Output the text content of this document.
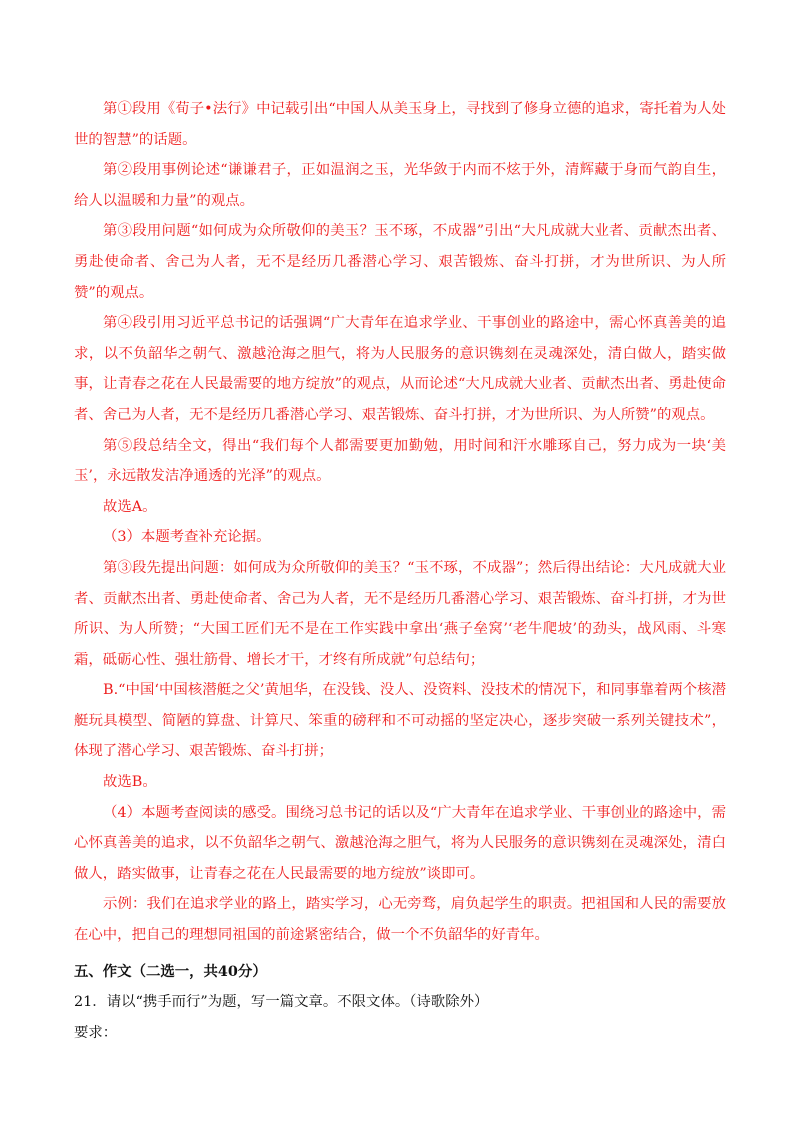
第①段用《荀子•法行》中记载引出“中国人从美玉身上，寻找到了修身立德的追求，寄托着为人处世的智慧”的话题。

第②段用事例论述“谦谦君子，正如温润之玉，光华敛于内而不炫于外，清辉藏于身而气韵自生，给人以温暖和力量”的观点。

第③段用问题“如何成为众所敬仰的美玉？玉不琢，不成器”引出“大凡成就大业者、贡献杰出者、勇赴使命者、舍己为人者，无不是经历几番潜心学习、艰苦锻炼、奋斗打拼，才为世所识、为人所赞”的观点。

第④段引用习近平总书记的话强调“广大青年在追求学业、干事创业的路途中，需心怀真善美的追求，以不负韶华之朝气、激越沧海之胆气，将为人民服务的意识镌刻在灵魂深处，清白做人，踏实做事，让青春之花在人民最需要的地方绽放”的观点，从而论述“大凡成就大业者、贡献杰出者、勇赴使命者、舍己为人者，无不是经历几番潜心学习、艰苦锻炼、奋斗打拼，才为世所识、为人所赞”的观点。

第⑤段总结全文，得出“我们每个人都需要更加勤勉，用时间和汗水雕琢自己，努力成为一块‘美玉’，永远散发洁净通透的光泽”的观点。

故选A。

（3）本题考查补充论据。

第③段先提出问题：如何成为众所敬仰的美玉？“玉不琢，不成器”；然后得出结论：大凡成就大业者、贡献杰出者、勇赴使命者、舍己为人者，无不是经历几番潜心学习、艰苦锻炼、奋斗打拼，才为世所识、为人所赞；“大国工匠们无不是在工作实践中拿出‘燕子垒窝’‘老牛爬坡’的劲头，战风雨、斗寒霜，砥砺心性、强壮筋骨、增长才干，才终有所成就”句总结句；

B.“中国‘中国核潜艇之父’黄旭华，在没钱、没人、没资料、没技术的情况下，和同事靠着两个核潜艇玩具模型、简陋的算盘、计算尺、笨重的磅秤和不可动摇的坚定决心，逐步突破一系列关键技术”，体现了潜心学习、艰苦锻炼、奋斗打拼；

故选B。

（4）本题考查阅读的感受。围绕习总书记的话以及“广大青年在追求学业、干事创业的路途中，需心怀真善美的追求，以不负韶华之朝气、激越沧海之胆气，将为人民服务的意识镌刻在灵魂深处，清白做人，踏实做事，让青春之花在人民最需要的地方绽放”谈即可。

示例：我们在追求学业的路上，踏实学习，心无旁骛，肩负起学生的职责。把祖国和人民的需要放在心中，把自己的理想同祖国的前途紧密结合，做一个不负韶华的好青年。

五、作文（二选一，共40分）

21．请以“携手而行”为题，写一篇文章。不限文体。（诗歌除外）

要求：
